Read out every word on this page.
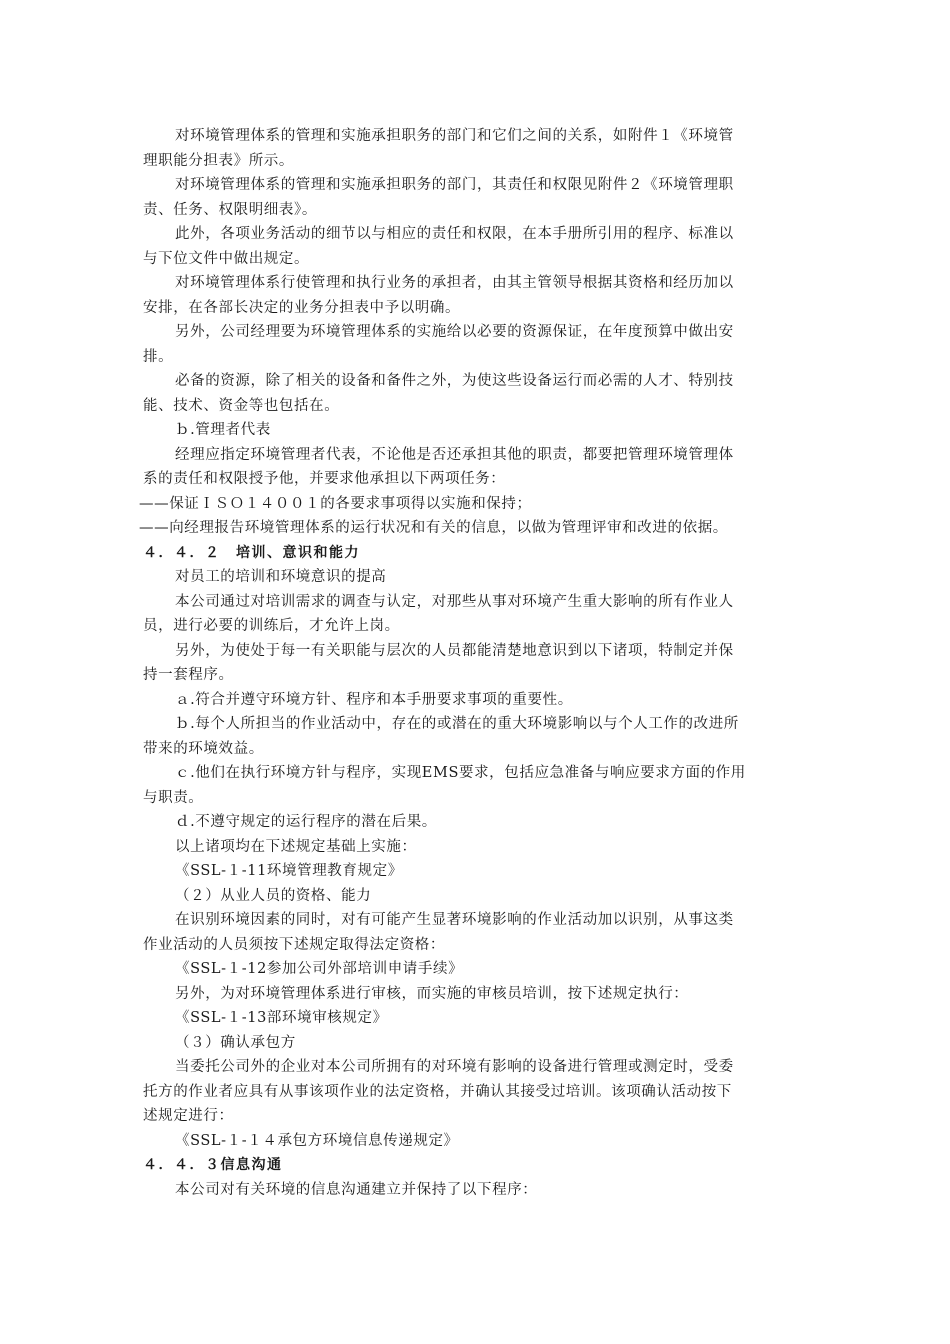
对环境管理体系的管理和实施承担职务的部门和它们之间的关系，如附件１《环境管
理职能分担表》所示。
对环境管理体系的管理和实施承担职务的部门，其责任和权限见附件２《环境管理职
责、任务、权限明细表》。
此外，各项业务活动的细节以与相应的责任和权限，在本手册所引用的程序、标准以
与下位文件中做出规定。
对环境管理体系行使管理和执行业务的承担者，由其主管领导根据其资格和经历加以
安排，在各部长决定的业务分担表中予以明确。
另外，公司经理要为环境管理体系的实施给以必要的资源保证，在年度预算中做出安
排。
必备的资源，除了相关的设备和备件之外，为使这些设备运行而必需的人才、特别技
能、技术、资金等也包括在。
ｂ.管理者代表
经理应指定环境管理者代表，不论他是否还承担其他的职责，都要把管理环境管理体
系的责任和权限授予他，并要求他承担以下两项任务：
——保证ＩＳＯ１４００１的各要求事项得以实施和保持；
——向经理报告环境管理体系的运行状况和有关的信息，以做为管理评审和改进的依据。
４．４．２　培训、意识和能力
对员工的培训和环境意识的提高
本公司通过对培训需求的调查与认定，对那些从事对环境产生重大影响的所有作业人
员，进行必要的训练后，才允许上岗。
另外，为使处于每一有关职能与层次的人员都能清楚地意识到以下诸项，特制定并保
持一套程序。
ａ.符合并遵守环境方针、程序和本手册要求事项的重要性。
ｂ.每个人所担当的作业活动中，存在的或潜在的重大环境影响以与个人工作的改进所
带来的环境效益。
ｃ.他们在执行环境方针与程序，实现EMS要求，包括应急准备与响应要求方面的作用
与职责。
ｄ.不遵守规定的运行程序的潜在后果。
以上诸项均在下述规定基础上实施：
《SSL-１-11环境管理教育规定》
（２）从业人员的资格、能力
在识别环境因素的同时，对有可能产生显著环境影响的作业活动加以识别，从事这类
作业活动的人员须按下述规定取得法定资格：
《SSL-１-12参加公司外部培训申请手续》
另外，为对环境管理体系进行审核，而实施的审核员培训，按下述规定执行：
《SSL-１-13部环境审核规定》
（３）确认承包方
当委托公司外的企业对本公司所拥有的对环境有影响的设备进行管理或测定时，受委
托方的作业者应具有从事该项作业的法定资格，并确认其接受过培训。该项确认活动按下
述规定进行：
《SSL-１-１４承包方环境信息传递规定》
４．４．３信息沟通
本公司对有关环境的信息沟通建立并保持了以下程序：
